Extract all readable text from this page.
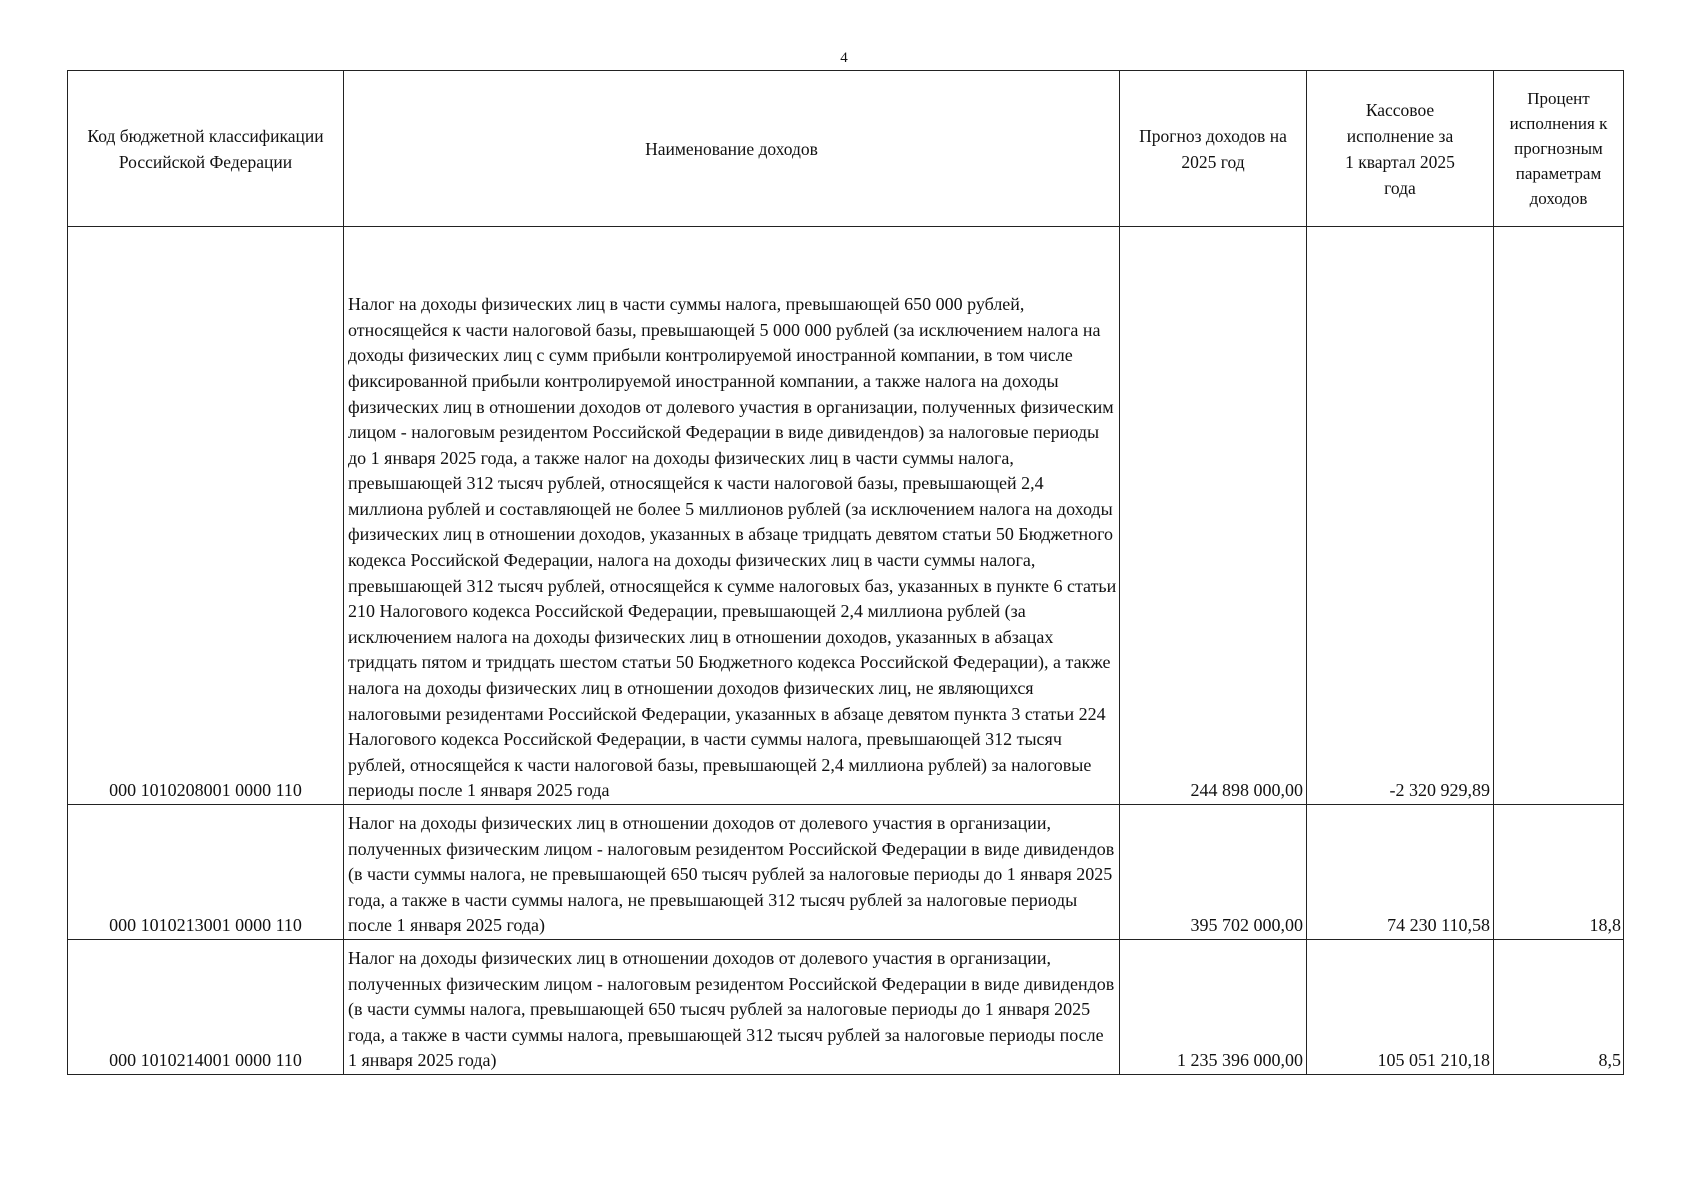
4
Код бюджетной классификации Российской Федерации	Наименование доходов	Прогноз доходов на 2025 год	Кассовое исполнение за 1 квартал 2025 года	Процент исполнения к прогнозным параметрам доходов
000 1010208001 0000 110	Налог на доходы физических лиц в части суммы налога, превышающей 650 000 рублей, относящейся к части налоговой базы, превышающей 5 000 000 рублей (за исключением налога на доходы физических лиц с сумм прибыли контролируемой иностранной компании, в том числе фиксированной прибыли контролируемой иностранной компании, а также налога на доходы физических лиц в отношении доходов от долевого участия в организации, полученных физическим лицом - налоговым резидентом Российской Федерации в виде дивидендов) за налоговые периоды до 1 января 2025 года, а также налог на доходы физических лиц в части суммы налога, превышающей 312 тысяч рублей, относящейся к части налоговой базы, превышающей 2,4 миллиона рублей и составляющей не более 5 миллионов рублей (за исключением налога на доходы физических лиц в отношении доходов, указанных в абзаце тридцать девятом статьи 50 Бюджетного кодекса Российской Федерации, налога на доходы физических лиц в части суммы налога, превышающей 312 тысяч рублей, относящейся к сумме налоговых баз, указанных в пункте 6 статьи 210 Налогового кодекса Российской Федерации, превышающей 2,4 миллиона рублей (за исключением налога на доходы физических лиц в отношении доходов, указанных в абзацах тридцать пятом и тридцать шестом статьи 50 Бюджетного кодекса Российской Федерации), а также налога на доходы физических лиц в отношении доходов физических лиц, не являющихся налоговыми резидентами Российской Федерации, указанных в абзаце девятом пункта 3 статьи 224 Налогового кодекса Российской Федерации, в части суммы налога, превышающей 312 тысяч рублей, относящейся к части налоговой базы, превышающей 2,4 миллиона рублей) за налоговые периоды после 1 января 2025 года	244 898 000,00	-2 320 929,89	
000 1010213001 0000 110	Налог на доходы физических лиц в отношении доходов от долевого участия в организации, полученных физическим лицом - налоговым резидентом Российской Федерации в виде дивидендов (в части суммы налога, не превышающей 650 тысяч рублей за налоговые периоды до 1 января 2025 года, а также в части суммы налога, не превышающей 312 тысяч рублей за налоговые периоды после 1 января 2025 года)	395 702 000,00	74 230 110,58	18,8
000 1010214001 0000 110	Налог на доходы физических лиц в отношении доходов от долевого участия в организации, полученных физическим лицом - налоговым резидентом Российской Федерации в виде дивидендов (в части суммы налога, превышающей 650 тысяч рублей за налоговые периоды до 1 января 2025 года, а также в части суммы налога, превышающей 312 тысяч рублей за налоговые периоды после 1 января 2025 года)	1 235 396 000,00	105 051 210,18	8,5
